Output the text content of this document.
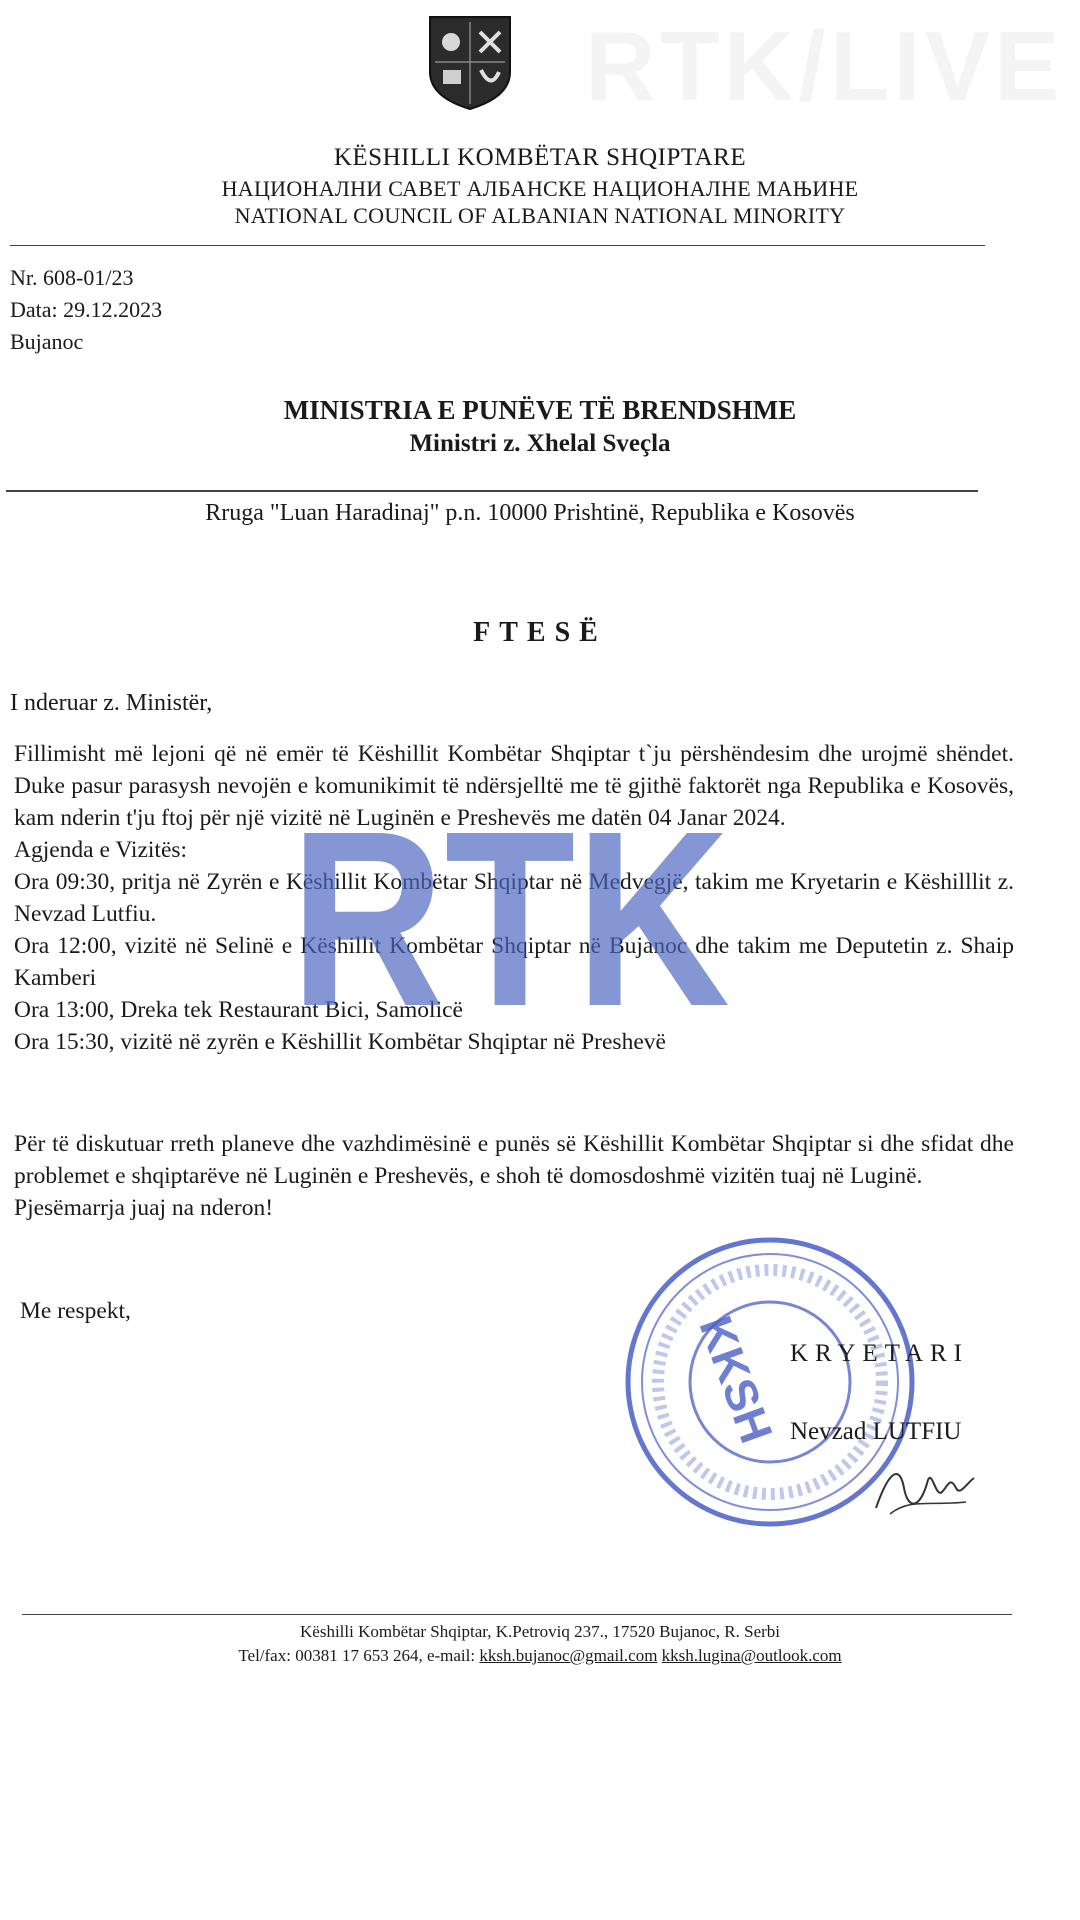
KËSHILLI KOMBËTAR SHQIPTARE
НАЦИОНАЛНИ САВЕТ АЛБАНСКЕ НАЦИОНАЛНЕ МАЊИНЕ
NATIONAL COUNCIL OF ALBANIAN NATIONAL MINORITY
Nr. 608-01/23
Data: 29.12.2023
Bujanoc
MINISTRIA E PUNËVE TË BRENDSHME
Ministri z. Xhelal Sveçla
Rruga "Luan Haradinaj" p.n. 10000 Prishtinë, Republika e Kosovës
FTESË
I nderuar z. Ministër,

Fillimisht më lejoni që në emër të Këshillit Kombëtar Shqiptar t`ju përshëndesim dhe urojmë shëndet. Duke pasur parasysh nevojën e komunikimit të ndërsjelltë me të gjithë faktorët nga Republika e Kosovës, kam nderin t'ju ftoj për një vizitë në Luginën e Preshevës me datën 04 Janar 2024.

Agjenda e Vizitës:

Ora 09:30, pritja në Zyrën e Këshillit Kombëtar Shqiptar në Medvegjë, takim me Kryetarin e Këshilllit z. Nevzad Lutfiu.

Ora 12:00, vizitë në Selinë e Këshillit Kombëtar Shqiptar në Bujanoc dhe takim me Deputetin z. Shaip Kamberi

Ora 13:00, Dreka tek Restaurant Bici, Samolicë

Ora 15:30, vizitë në zyrën e Këshillit Kombëtar Shqiptar në Preshevë

Për të diskutuar rreth planeve dhe vazhdimësinë e punës së Këshillit Kombëtar Shqiptar si dhe sfidat dhe problemet e shqiptarëve në Luginën e Preshevës, e shoh të domosdoshmë vizitën tuaj në Luginë.

Pjesëmarrja juaj na nderon!

Me respekt,
RTK
KKSH KRYETARI
Nevzad LUTFIU
Këshilli Kombëtar Shqiptar, K.Petroviq 237., 17520 Bujanoc, R. Serbi
Tel/fax: 00381 17 653 264, e-mail: kksh.bujanoc@gmail.com kksh.lugina@outlook.com
